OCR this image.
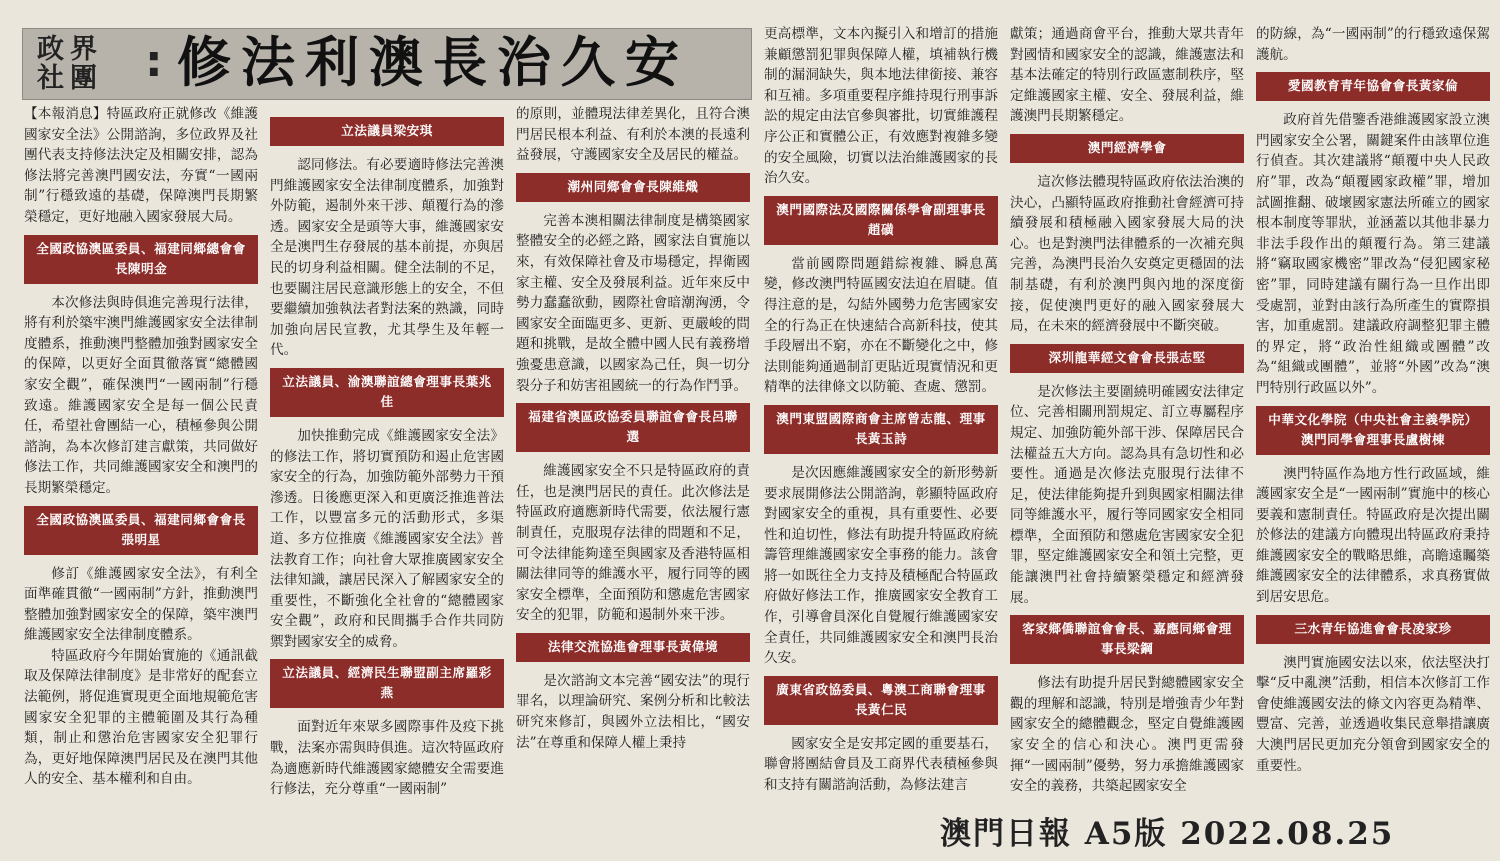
政界
社團 : 修法利澳長治久安

【本報消息】特區政府正就修改《維護國家安全法》公開諮詢，多位政界及社團代表支持修法決定及相關安排，認為修法將完善澳門國安法，夯實“一國兩制”行穩致遠的基礎，保障澳門長期繁榮穩定，更好地融入國家發展大局。

全國政協澳區委員、福建同鄉總會會長陳明金

本次修法與時俱進完善現行法律，將有利於築牢澳門維護國家安全法律制度體系，推動澳門整體加強對國家安全的保障，以更好全面貫徹落實“總體國家安全觀”，確保澳門“一國兩制”行穩致遠。維護國家安全是每一個公民責任，希望社會團結一心，積極參與公開諮詢，為本次修訂建言獻策，共同做好修法工作，共同維護國家安全和澳門的長期繁榮穩定。

全國政協澳區委員、福建同鄉會會長張明星

修訂《維護國家安全法》，有利全面準確貫徹“一國兩制”方針，推動澳門整體加強對國家安全的保障，築牢澳門維護國家安全法律制度體系。

特區政府今年開始實施的《通訊截取及保障法律制度》是非常好的配套立法範例，將促進實現更全面地規範危害國家安全犯罪的主體範圍及其行為種類，制止和懲治危害國家安全犯罪行為，更好地保障澳門居民及在澳門其他人的安全、基本權利和自由。

立法議員梁安琪

認同修法。有必要適時修法完善澳門維護國家安全法律制度體系，加強對外防範，遏制外來干涉、顛覆行為的滲透。國家安全是頭等大事，維護國家安全是澳門生存發展的基本前提，亦與居民的切身利益相關。健全法制的不足，也要關注居民意識形態上的安全，不但要繼續加強執法者對法案的熟識，同時加強向居民宣教，尤其學生及年輕一代。

立法議員、渝澳聯誼總會理事長葉兆佳

加快推動完成《維護國家安全法》的修法工作，將切實預防和遏止危害國家安全的行為，加強防範外部勢力干預滲透。日後應更深入和更廣泛推進普法工作，以豐富多元的活動形式，多渠道、多方位推廣《維護國家安全法》普法教育工作；向社會大眾推廣國家安全法律知識，讓居民深入了解國家安全的重要性，不斷強化全社會的“總體國家安全觀”，政府和民間攜手合作共同防禦對國家安全的威脅。

立法議員、經濟民生聯盟副主席羅彩燕

面對近年來眾多國際事件及疫下挑戰，法案亦需與時俱進。這次特區政府為適應新時代維護國家總體安全需要進行修法，充分尊重“一國兩制”

的原則，並體現法律差異化，且符合澳門居民根本利益、有利於本澳的長遠利益發展，守護國家安全及居民的權益。

潮州同鄉會會長陳維熾

完善本澳相關法律制度是構築國家整體安全的必經之路，國家法自實施以來，有效保障社會及市場穩定，捍衛國家主權、安全及發展利益。近年來反中勢力蠢蠢欲動，國際社會暗潮洶湧，令國家安全面臨更多、更新、更嚴峻的問題和挑戰，是故全體中國人民有義務增強憂患意識，以國家為己任，與一切分裂分子和妨害祖國統一的行為作鬥爭。

福建省澳區政協委員聯誼會會長呂聯選

維護國家安全不只是特區政府的責任，也是澳門居民的責任。此次修法是特區政府適應新時代需要，依法履行憲制責任，克服現存法律的問題和不足，可令法律能夠達至與國家及香港特區相關法律同等的維護水平，履行同等的國家安全標準，全面預防和懲處危害國家安全的犯罪，防範和遏制外來干涉。

法律交流協進會理事長黃偉境

是次諮詢文本完善“國安法”的現行罪名，以理論研究、案例分析和比較法研究來修訂，與國外立法相比，“國安法”在尊重和保障人權上秉持

更高標準，文本內擬引入和增訂的措施兼顧懲罰犯罪與保障人權，填補執行機制的漏洞缺失，與本地法律銜接、兼容和互補。多項重要程序維持現行刑事訴訟的規定由法官參與審批，切實維護程序公正和實體公正，有效應對複雜多變的安全風險，切實以法治維護國家的長治久安。

澳門國際法及國際關係學會副理事長趙磺

當前國際問題錯綜複雜、瞬息萬變，修改澳門特區國安法迫在眉睫。值得注意的是，勾結外國勢力危害國家安全的行為正在快速結合高新科技，使其手段層出不窮，亦在不斷變化之中，修法則能夠通過制訂更貼近現實情況和更精準的法律條文以防範、查處、懲罰。

澳門東盟國際商會主席曾志龍、理事長黃玉詩

是次因應維護國家安全的新形勢新要求展開修法公開諮詢，彰顯特區政府對國家安全的重視，具有重要性、必要性和迫切性，修法有助提升特區政府統籌管理維護國家安全事務的能力。該會將一如既往全力支持及積極配合特區政府做好修法工作，推廣國家安全教育工作，引導會員深化自覺履行維護國家安全責任，共同維護國家安全和澳門長治久安。

廣東省政協委員、粵澳工商聯會理事長黃仁民

國家安全是安邦定國的重要基石，聯會將團結會員及工商界代表積極參與和支持有關諮詢活動，為修法建言

獻策；通過商會平台，推動大眾共青年對國情和國家安全的認識，維護憲法和基本法確定的特別行政區憲制秩序，堅定維護國家主權、安全、發展利益，維護澳門長期繁穩定。

澳門經濟學會

這次修法體現特區政府依法治澳的決心，凸顯特區政府推動社會經濟可持續發展和積極融入國家發展大局的決心。也是對澳門法律體系的一次補充與完善，為澳門長治久安奠定更穩固的法制基礎，有利於澳門與內地的深度銜接，促使澳門更好的融入國家發展大局，在未來的經濟發展中不斷突破。

深圳龍華經文會會長張志堅

是次修法主要圍繞明確國安法律定位、完善相關刑罰規定、訂立專屬程序規定、加強防範外部干涉、保障居民合法權益五大方向。認為具有急切性和必要性。通過是次修法克服現行法律不足，使法律能夠提升到與國家相關法律同等維護水平，履行等同國家安全相同標準，全面預防和懲處危害國家安全犯罪，堅定維護國家安全和領土完整，更能讓澳門社會持續繁榮穩定和經濟發展。

客家鄉僑聯誼會會長、嘉應同鄉會理事長梁鋼

修法有助提升居民對總體國家安全觀的理解和認識，特別是增強青少年對國家安全的總體觀念，堅定自覺維護國家安全的信心和決心。澳門更需發揮“一國兩制”優勢，努力承擔維護國家安全的義務，共築起國家安全

的防線，為“一國兩制”的行穩致遠保駕護航。

愛國教育青年協會會長黃家倫

政府首先借鑒香港維護國家設立澳門國家安全公署，關鍵案件由該單位進行偵查。其次建議將“顛覆中央人民政府”罪，改為“顛覆國家政權”罪，增加試圖推翻、破壞國家憲法所確立的國家根本制度等罪狀，並涵蓋以其他非暴力非法手段作出的顛覆行為。第三建議將“竊取國家機密”罪改為“侵犯國家秘密”罪，同時建議有關行為一旦作出即受處罰，並對由該行為所產生的實際損害，加重處罰。建議政府調整犯罪主體的界定，將“政治性組織或團體”改為“組織或團體”，並將“外國”改為“澳門特別行政區以外”。

中華文化學院（中央社會主義學院）澳門同學會理事長盧樹棟

澳門特區作為地方性行政區域，維護國家安全是“一國兩制”實施中的核心要義和憲制責任。特區政府是次提出關於修法的建議方向體現出特區政府秉持維護國家安全的戰略思維，高瞻遠矚築維護國家安全的法律體系，求真務實做到居安思危。

三水青年協進會會長凌家珍

澳門實施國安法以來，依法堅決打擊“反中亂澳”活動，相信本次修訂工作會使維護國安法的條文內容更為精準、豐富、完善，並透過收集民意舉措讓廣大澳門居民更加充分領會到國家安全的重要性。

澳門日報 A5版 2022.08.25
